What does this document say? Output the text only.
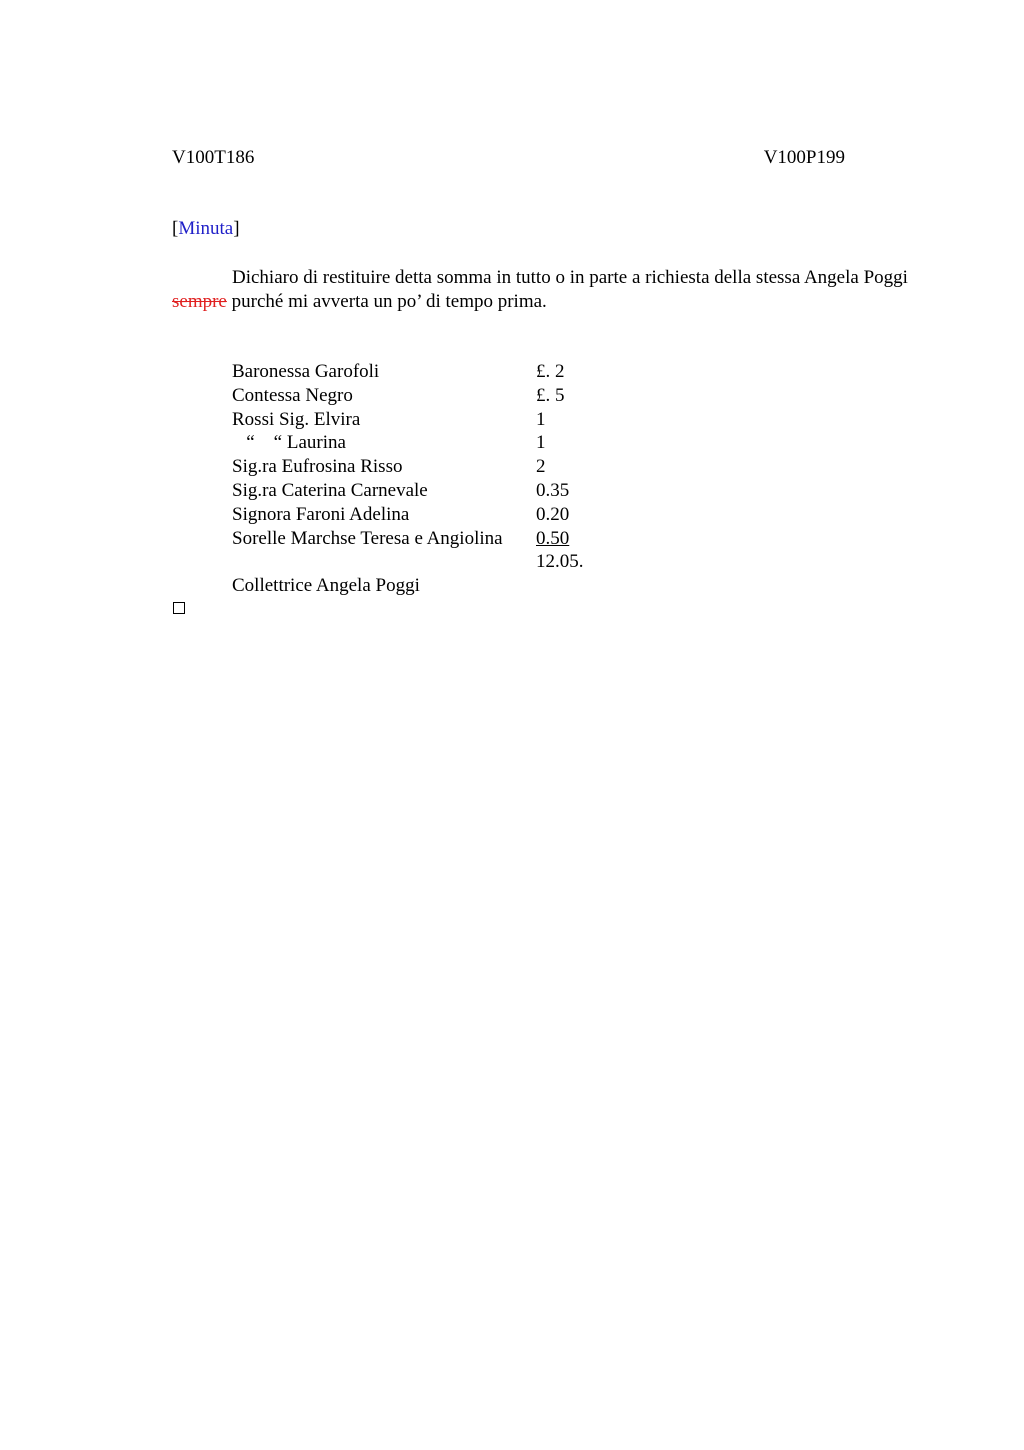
V100T186	V100P199
[Minuta]

Dichiaro di restituire detta somma in tutto o in parte a richiesta della stessa Angela Poggi sempre purché mi avverta un po’ di tempo prima.

Baronessa Garofoli	£. 2
Contessa Negro	£. 5
Rossi Sig. Elvira	1
“    “ Laurina	1
Sig.ra Eufrosina Risso	2
Sig.ra Caterina Carnevale	0.35
Signora Faroni Adelina	0.20
Sorelle Marchse Teresa e Angiolina 0.50
12.05.
Collettrice Angela Poggi
